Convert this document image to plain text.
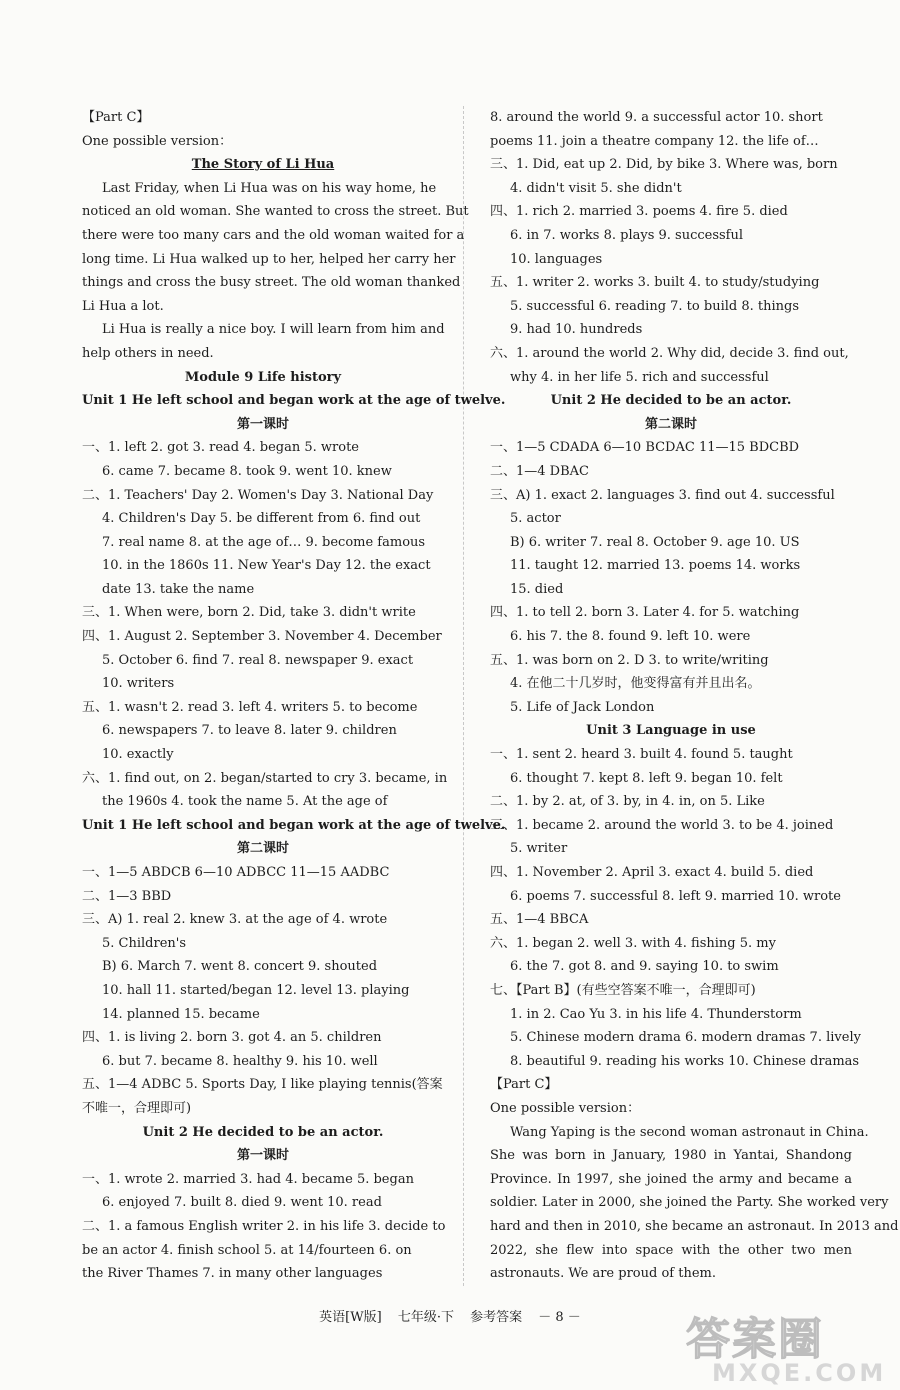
【Part C】
One possible version：
The Story of Li Hua
Last Friday, when Li Hua was on his way home, he
noticed an old woman. She wanted to cross the street. But
there were too many cars and the old woman waited for a
long time. Li Hua walked up to her, helped her carry her
things and cross the busy street. The old woman thanked
Li Hua a lot.
Li Hua is really a nice boy. I will learn from him and
help others in need.
Module 9 Life history
Unit 1 He left school and began work at the age of twelve.
第一课时
一、1. left 2. got 3. read 4. began 5. wrote
6. came 7. became 8. took 9. went 10. knew
二、1. Teachers' Day 2. Women's Day 3. National Day
4. Children's Day 5. be different from 6. find out
7. real name 8. at the age of… 9. become famous
10. in the 1860s 11. New Year's Day 12. the exact
date 13. take the name
三、1. When were, born 2. Did, take 3. didn't write
四、1. August 2. September 3. November 4. December
5. October 6. find 7. real 8. newspaper 9. exact
10. writers
五、1. wasn't 2. read 3. left 4. writers 5. to become
6. newspapers 7. to leave 8. later 9. children
10. exactly
六、1. find out, on 2. began/started to cry 3. became, in
the 1960s 4. took the name 5. At the age of
Unit 1 He left school and began work at the age of twelve.
第二课时
一、1—5 ABDCB 6—10 ADBCC 11—15 AADBC
二、1—3 BBD
三、A) 1. real 2. knew 3. at the age of 4. wrote
5. Children's
B) 6. March 7. went 8. concert 9. shouted
10. hall 11. started/began 12. level 13. playing
14. planned 15. became
四、1. is living 2. born 3. got 4. an 5. children
6. but 7. became 8. healthy 9. his 10. well
五、1—4 ADBC 5. Sports Day, I like playing tennis(答案
不唯一，合理即可)
Unit 2 He decided to be an actor.
第一课时
一、1. wrote 2. married 3. had 4. became 5. began
6. enjoyed 7. built 8. died 9. went 10. read
二、1. a famous English writer 2. in his life 3. decide to
be an actor 4. finish school 5. at 14/fourteen 6. on
the River Thames 7. in many other languages
8. around the world 9. a successful actor 10. short
poems 11. join a theatre company 12. the life of…
三、1. Did, eat up 2. Did, by bike 3. Where was, born
4. didn't visit 5. she didn't
四、1. rich 2. married 3. poems 4. fire 5. died
6. in 7. works 8. plays 9. successful
10. languages
五、1. writer 2. works 3. built 4. to study/studying
5. successful 6. reading 7. to build 8. things
9. had 10. hundreds
六、1. around the world 2. Why did, decide 3. find out,
why 4. in her life 5. rich and successful
Unit 2 He decided to be an actor.
第二课时
一、1—5 CDADA 6—10 BCDAC 11—15 BDCBD
二、1—4 DBAC
三、A) 1. exact 2. languages 3. find out 4. successful
5. actor
B) 6. writer 7. real 8. October 9. age 10. US
11. taught 12. married 13. poems 14. works
15. died
四、1. to tell 2. born 3. Later 4. for 5. watching
6. his 7. the 8. found 9. left 10. were
五、1. was born on 2. D 3. to write/writing
4. 在他二十几岁时，他变得富有并且出名。
5. Life of Jack London
Unit 3 Language in use
一、1. sent 2. heard 3. built 4. found 5. taught
6. thought 7. kept 8. left 9. began 10. felt
二、1. by 2. at, of 3. by, in 4. in, on 5. Like
三、1. became 2. around the world 3. to be 4. joined
5. writer
四、1. November 2. April 3. exact 4. build 5. died
6. poems 7. successful 8. left 9. married 10. wrote
五、1—4 BBCA
六、1. began 2. well 3. with 4. fishing 5. my
6. the 7. got 8. and 9. saying 10. to swim
七、【Part B】(有些空答案不唯一，合理即可)
1. in 2. Cao Yu 3. in his life 4. Thunderstorm
5. Chinese modern drama 6. modern dramas 7. lively
8. beautiful 9. reading his works 10. Chinese dramas
【Part C】
One possible version：
Wang Yaping is the second woman astronaut in China.
She was born in January, 1980 in Yantai, Shandong
Province. In 1997, she joined the army and became a
soldier. Later in 2000, she joined the Party. She worked very
hard and then in 2010, she became an astronaut. In 2013 and
2022, she flew into space with the other two men
astronauts. We are proud of them.
英语[W版] 七年级·下 参考答案 － 8 －	答案圈
MXQE.COM
